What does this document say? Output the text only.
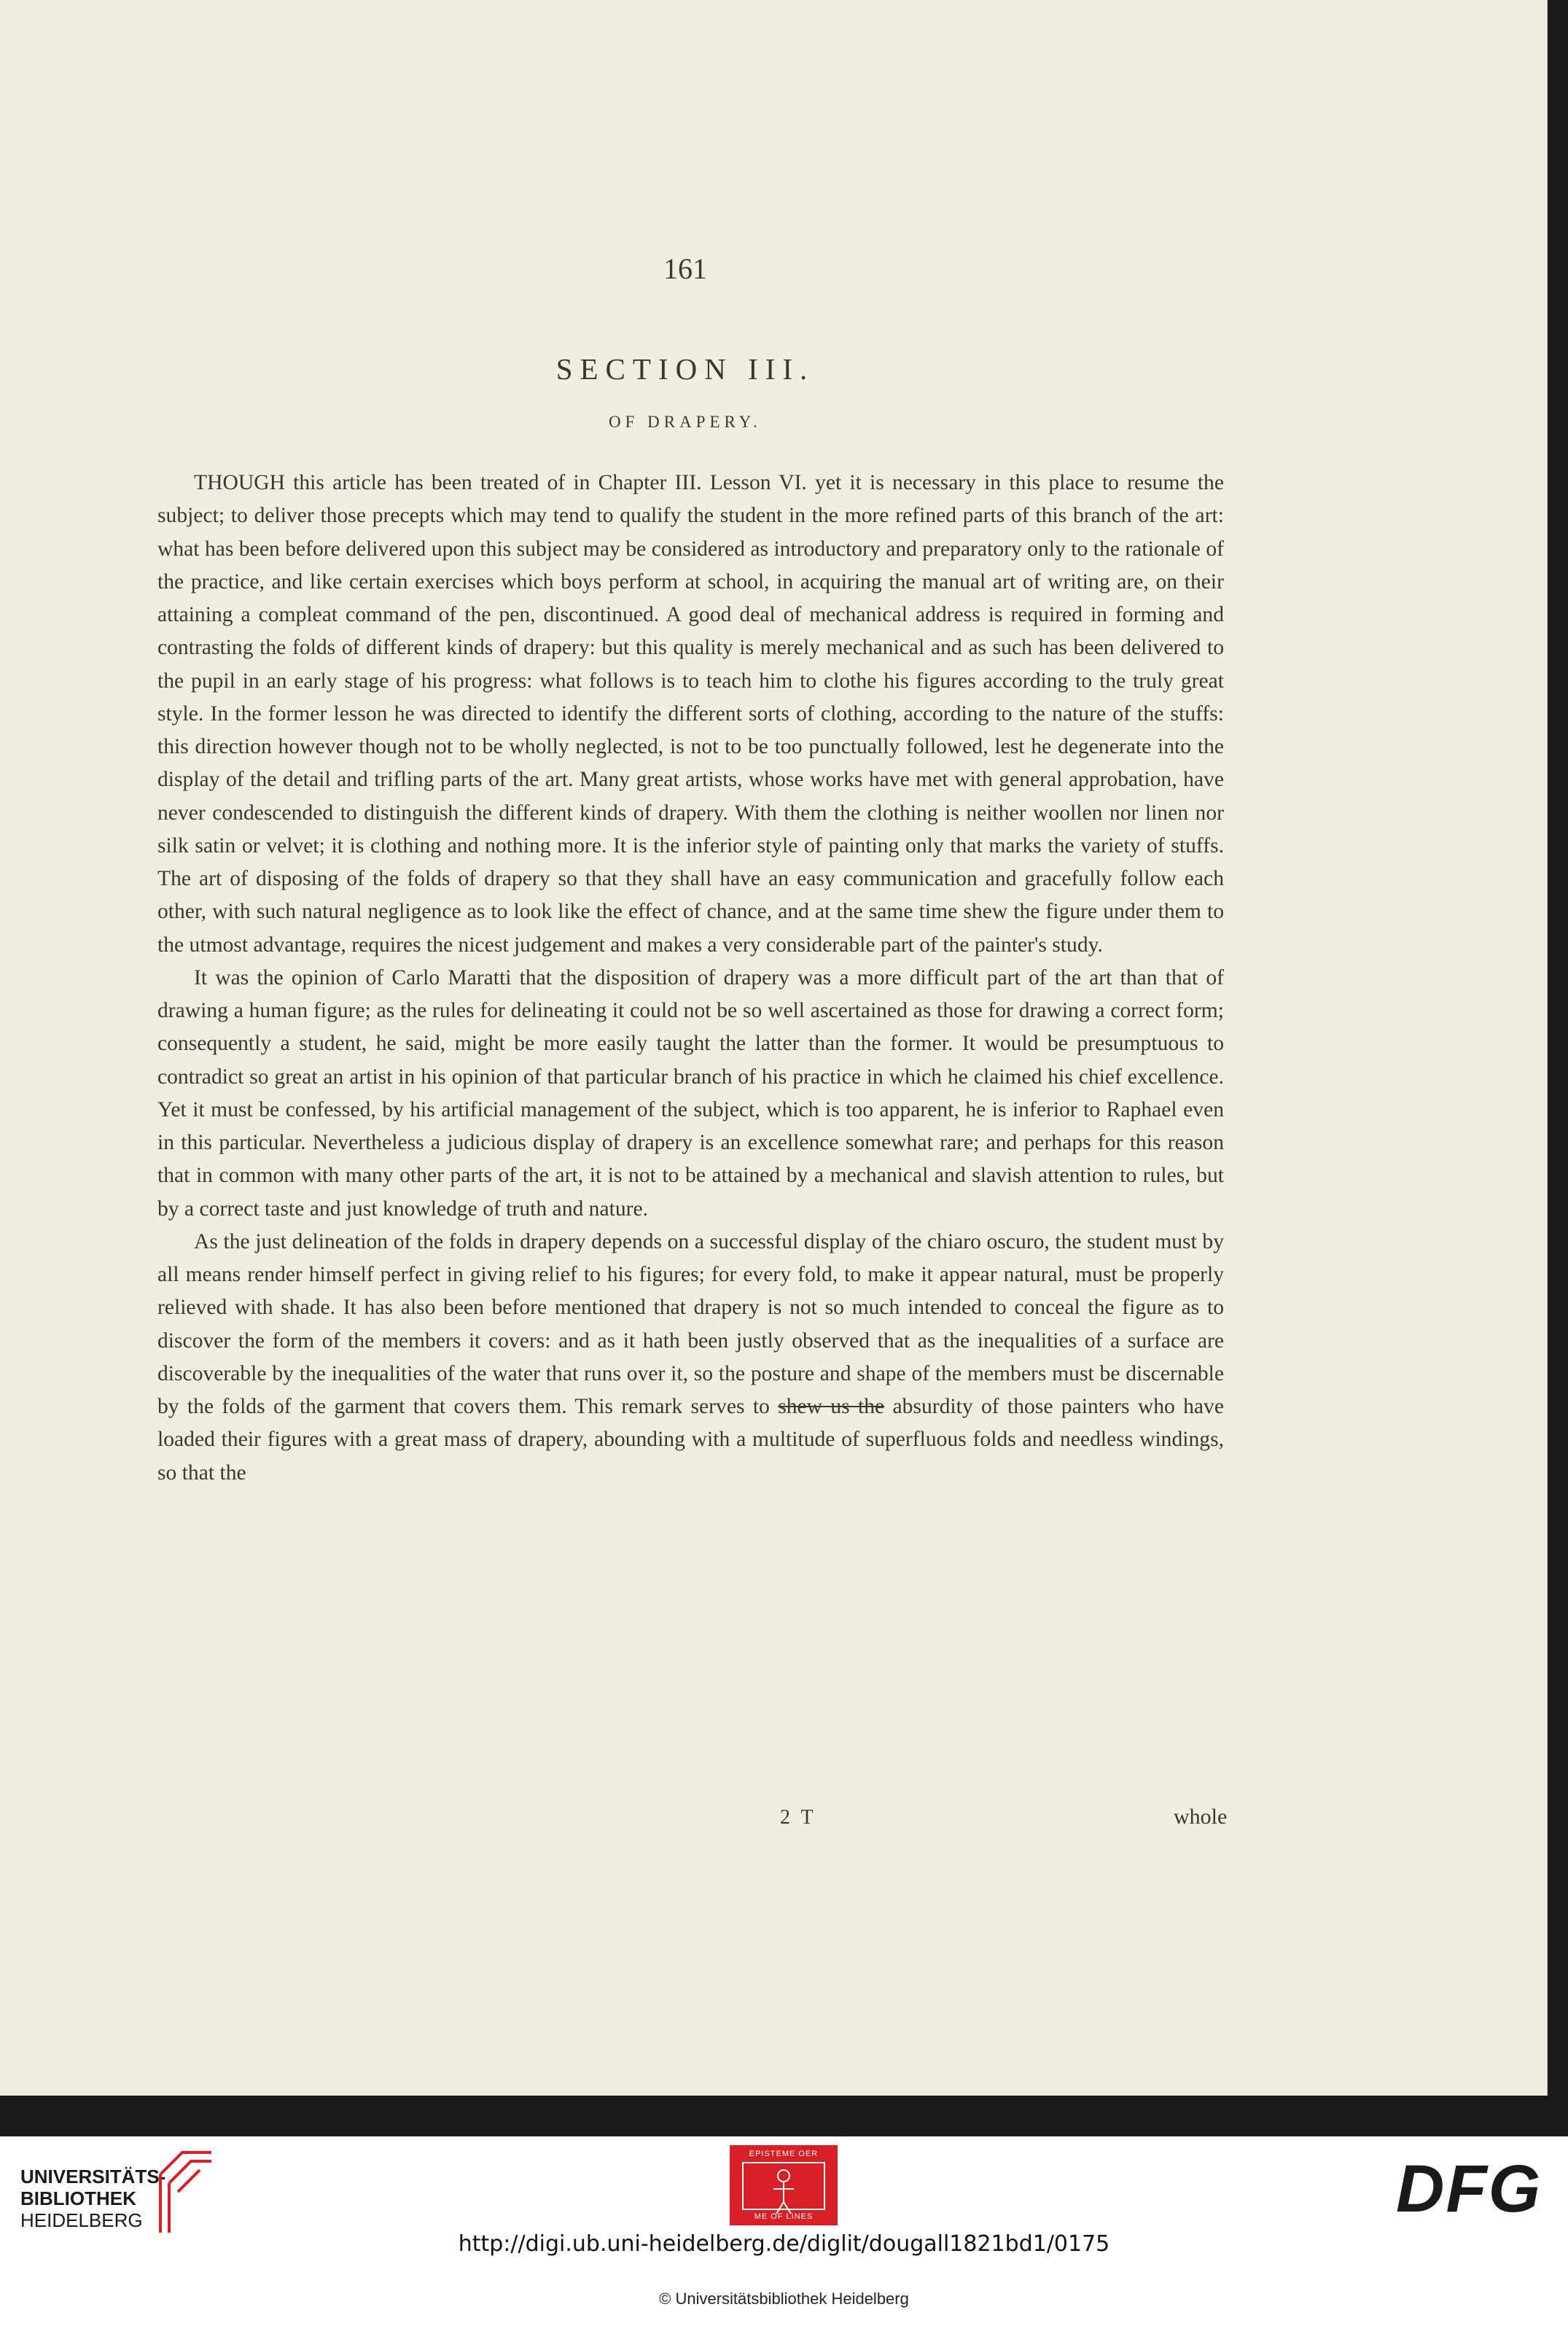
161
SECTION III.
OF DRAPERY.

THOUGH this article has been treated of in Chapter III. Lesson VI. yet it is necessary in this place to resume the subject; to deliver those precepts which may tend to qualify the student in the more refined parts of this branch of the art: what has been before delivered upon this subject may be considered as introductory and preparatory only to the rationale of the practice, and like certain exercises which boys perform at school, in acquiring the manual art of writing are, on their attaining a compleat command of the pen, discontinued. A good deal of mechanical address is required in forming and contrasting the folds of different kinds of drapery: but this quality is merely mechanical and as such has been delivered to the pupil in an early stage of his progress: what follows is to teach him to clothe his figures according to the truly great style. In the former lesson he was directed to identify the different sorts of clothing, according to the nature of the stuffs: this direction however though not to be wholly neglected, is not to be too punctually followed, lest he degenerate into the display of the detail and trifling parts of the art. Many great artists, whose works have met with general approbation, have never condescended to distinguish the different kinds of drapery. With them the clothing is neither woollen nor linen nor silk satin or velvet; it is clothing and nothing more. It is the inferior style of painting only that marks the variety of stuffs. The art of disposing of the folds of drapery so that they shall have an easy communication and gracefully follow each other, with such natural negligence as to look like the effect of chance, and at the same time shew the figure under them to the utmost advantage, requires the nicest judgement and makes a very considerable part of the painter's study.

It was the opinion of Carlo Maratti that the disposition of drapery was a more difficult part of the art than that of drawing a human figure; as the rules for delineating it could not be so well ascertained as those for drawing a correct form; consequently a student, he said, might be more easily taught the latter than the former. It would be presumptuous to contradict so great an artist in his opinion of that particular branch of his practice in which he claimed his chief excellence. Yet it must be confessed, by his artificial management of the subject, which is too apparent, he is inferior to Raphael even in this particular. Nevertheless a judicious display of drapery is an excellence somewhat rare; and perhaps for this reason that in common with many other parts of the art, it is not to be attained by a mechanical and slavish attention to rules, but by a correct taste and just knowledge of truth and nature.

As the just delineation of the folds in drapery depends on a successful display of the chiaro oscuro, the student must by all means render himself perfect in giving relief to his figures; for every fold, to make it appear natural, must be properly relieved with shade. It has also been before mentioned that drapery is not so much intended to conceal the figure as to discover the form of the members it covers: and as it hath been justly observed that as the inequalities of a surface are discoverable by the inequalities of the water that runs over it, so the posture and shape of the members must be discernable by the folds of the garment that covers them. This remark serves to shew us the absurdity of those painters who have loaded their figures with a great mass of drapery, abounding with a multitude of superfluous folds and needless windings, so that the

2 T	whole
UNIVERSITÄTS-
BIBLIOTHEK
HEIDELBERG
EPISTEME OER
ME OF LINES	DFG
http://digi.ub.uni-heidelberg.de/diglit/dougall1821bd1/0175
© Universitätsbibliothek Heidelberg
